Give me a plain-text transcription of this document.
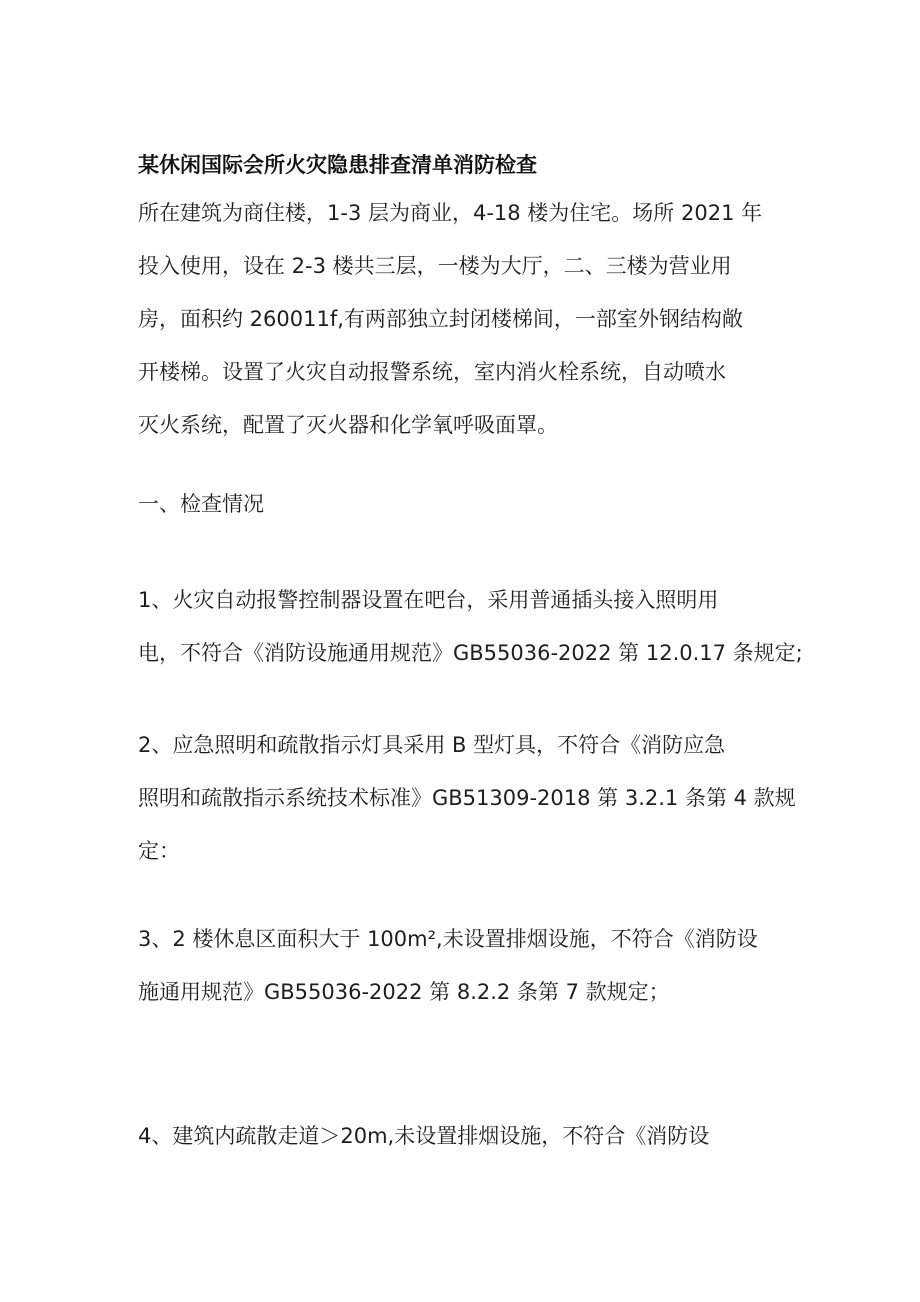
某休闲国际会所火灾隐患排查清单消防检查
所在建筑为商住楼，1-3 层为商业，4-18 楼为住宅。场所 2021 年
投入使用，设在 2-3 楼共三层，一楼为大厅，二、三楼为营业用
房，面积约 260011f,有两部独立封闭楼梯间，一部室外钢结构敞
开楼梯。设置了火灾自动报警系统，室内消火栓系统，自动喷水
灭火系统，配置了灭火器和化学氧呼吸面罩。
一、检查情况
1、火灾自动报警控制器设置在吧台，采用普通插头接入照明用
电，不符合《消防设施通用规范》GB55036-2022 第 12.0.17 条规定;
2、应急照明和疏散指示灯具采用 B 型灯具，不符合《消防应急
照明和疏散指示系统技术标准》GB51309-2018 第 3.2.1 条第 4 款规
定：
3、2 楼休息区面积大于 100m²,未设置排烟设施，不符合《消防设
施通用规范》GB55036-2022 第 8.2.2 条第 7 款规定；
4、建筑内疏散走道＞20m,未设置排烟设施，不符合《消防设
